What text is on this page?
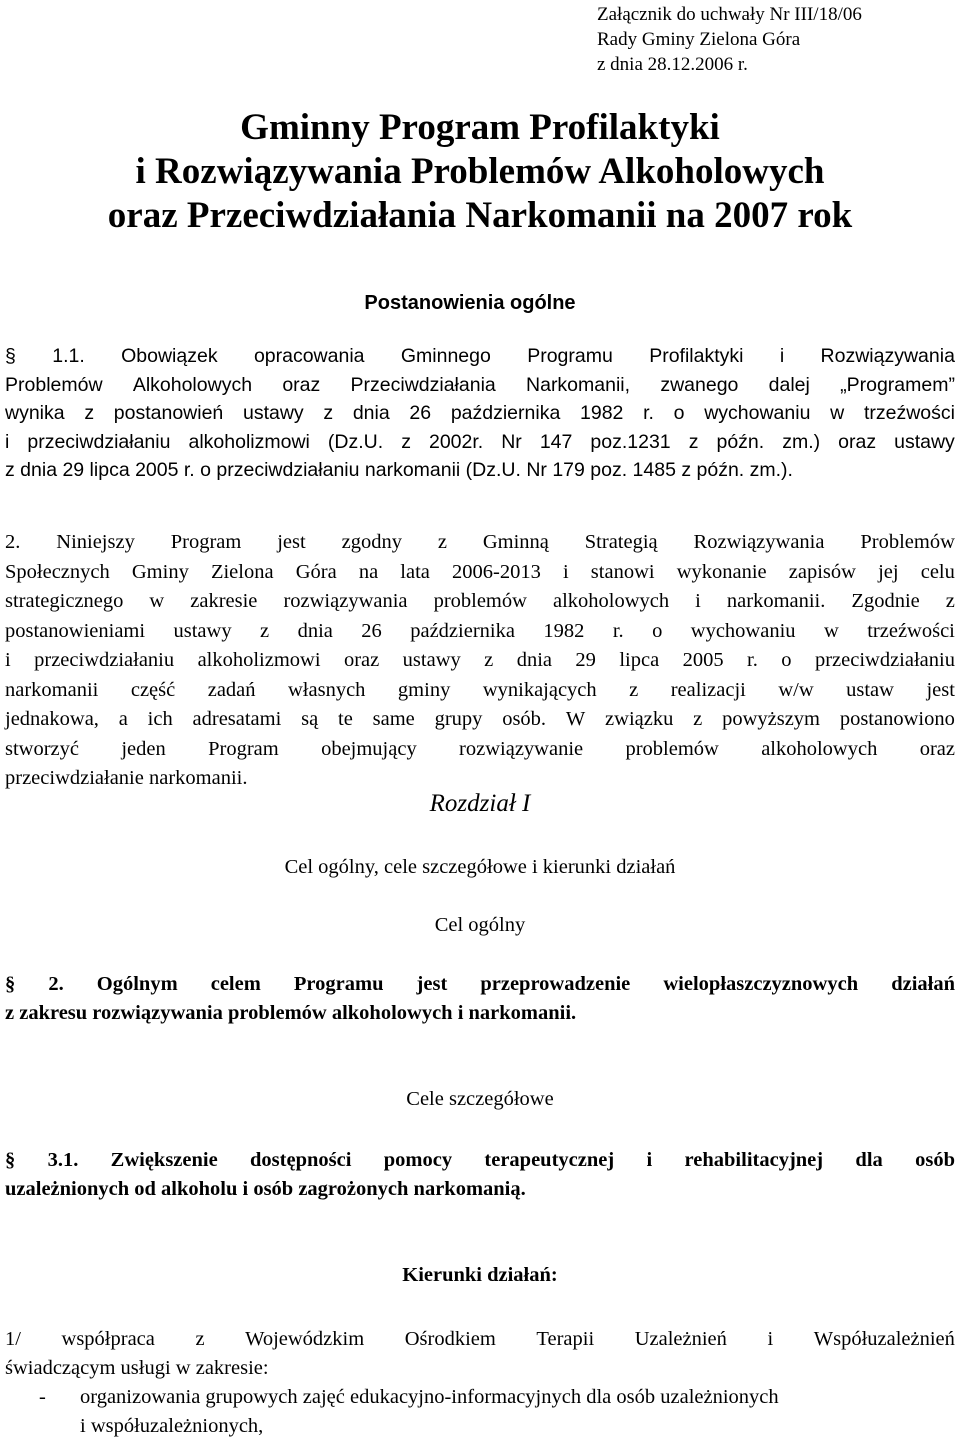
Załącznik do uchwały Nr III/18/06
Rady Gminy Zielona Góra
z dnia 28.12.2006 r.
Gminny Program Profilaktyki
i Rozwiązywania Problemów Alkoholowych
oraz Przeciwdziałania Narkomanii na 2007 rok
Postanowienia ogólne
§ 1.1. Obowiązek opracowania Gminnego Programu Profilaktyki i Rozwiązywania
Problemów Alkoholowych oraz Przeciwdziałania Narkomanii, zwanego dalej „Programem”
wynika z postanowień ustawy z dnia 26 października 1982 r. o wychowaniu w trzeźwości
i przeciwdziałaniu alkoholizmowi (Dz.U. z 2002r. Nr 147 poz.1231 z późn. zm.) oraz ustawy
z dnia 29 lipca 2005 r. o przeciwdziałaniu narkomanii (Dz.U. Nr 179 poz. 1485 z późn. zm.).
2. Niniejszy Program jest zgodny z Gminną Strategią Rozwiązywania Problemów
Społecznych Gminy Zielona Góra na lata 2006-2013 i stanowi wykonanie zapisów jej celu
strategicznego w zakresie rozwiązywania problemów alkoholowych i narkomanii. Zgodnie z
postanowieniami ustawy z dnia 26 października 1982 r. o wychowaniu w trzeźwości
i przeciwdziałaniu alkoholizmowi oraz ustawy z dnia 29 lipca 2005 r. o przeciwdziałaniu
narkomanii część zadań własnych gminy wynikających z realizacji w/w ustaw jest
jednakowa, a ich adresatami są te same grupy osób. W związku z powyższym postanowiono
stworzyć jeden Program obejmujący rozwiązywanie problemów alkoholowych oraz
przeciwdziałanie narkomanii.
Rozdział I
Cel ogólny, cele szczegółowe i kierunki działań
Cel ogólny
§ 2. Ogólnym celem Programu jest przeprowadzenie wielopłaszczyznowych działań
z zakresu rozwiązywania problemów alkoholowych i narkomanii.
Cele szczegółowe
§ 3.1. Zwiększenie dostępności pomocy terapeutycznej i rehabilitacyjnej dla osób
uzależnionych od alkoholu i osób zagrożonych narkomanią.
Kierunki działań:
1/ współpraca z Wojewódzkim Ośrodkiem Terapii Uzależnień i Współuzależnień
świadczącym usługi w zakresie:
- organizowania grupowych zajęć edukacyjno-informacyjnych dla osób uzależnionych
i współuzależnionych,
